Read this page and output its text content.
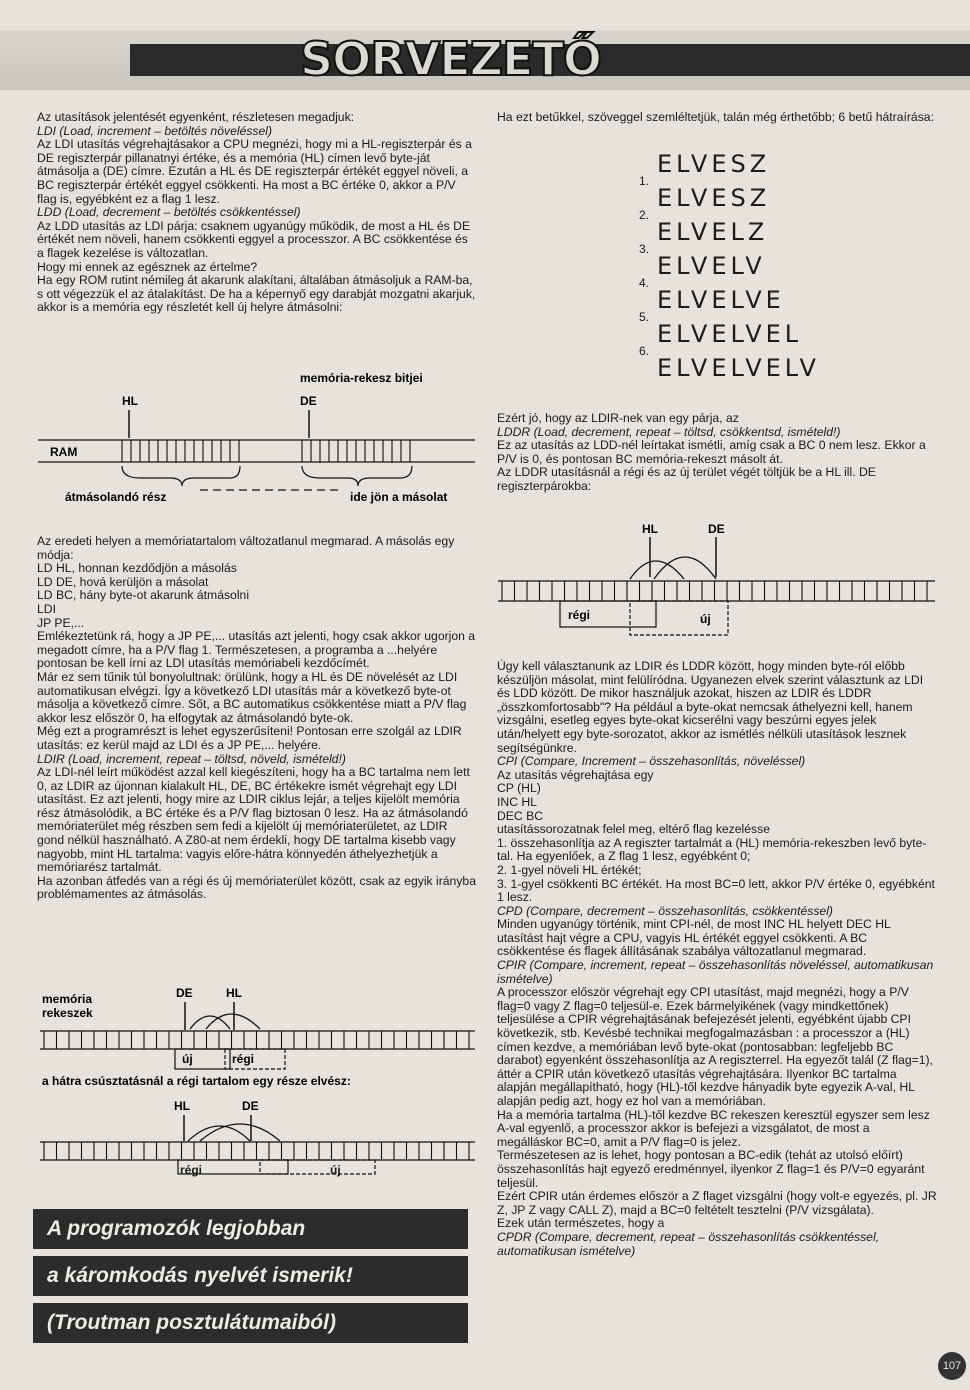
SORVEZETŐ

Az utasítások jelentését egyenként, részletesen megadjuk:

LDI (Load, increment – betöltés növeléssel)

Az LDI utasítás végrehajtásakor a CPU megnézi, hogy mi a HL-regiszterpár és a DE regiszterpár pillanatnyi értéke, és a memória (HL) címen levő byte-ját átmásolja a (DE) címre. Ezután a HL és DE regiszterpár értékét eggyel növeli, a BC regiszterpár értékét eggyel csökkenti. Ha most a BC értéke 0, akkor a P/V flag is, egyébként ez a flag 1 lesz.

LDD (Load, decrement – betöltés csökkentéssel)

Az LDD utasítás az LDI párja: csaknem ugyanúgy működik, de most a HL és DE értékét nem növeli, hanem csökkenti eggyel a processzor. A BC csökkentése és a flagek kezelése is változatlan.

Hogy mi ennek az egésznek az értelme?

Ha egy ROM rutint némileg át akarunk alakítani, általában átmásoljuk a RAM-ba, s ott végezzük el az átalakítást. De ha a képernyő egy darabját mozgatni akarjuk, akkor is a memória egy részletét kell új helyre átmásolni:

memória-rekesz bitjei
HL	DE
RAM
átmásolandó rész	ide jön a másolat

Az eredeti helyen a memóriatartalom változatlanul megmarad. A másolás egy módja:

LD HL, honnan kezdődjön a másolás

LD DE, hová kerüljön a másolat

LD BC, hány byte-ot akarunk átmásolni

LDI

JP PE,...

Emlékeztetünk rá, hogy a JP PE,... utasítás azt jelenti, hogy csak akkor ugorjon a megadott címre, ha a P/V flag 1. Természetesen, a programba a ...helyére pontosan be kell írni az LDI utasítás memóriabeli kezdőcímét.

Már ez sem tűnik túl bonyolultnak: örülünk, hogy a HL és DE növelését az LDI automatikusan elvégzi. Így a következő LDI utasítás már a következő byte-ot másolja a következő címre. Sőt, a BC automatikus csökkentése miatt a P/V flag akkor lesz először 0, ha elfogytak az átmásolandó byte-ok.

Még ezt a programrészt is lehet egyszerűsíteni! Pontosan erre szolgál az LDIR utasítás: ez kerül majd az LDI és a JP PE,... helyére.

LDIR (Load, increment, repeat – töltsd, növeld, ismételd!)

Az LDI-nél leírt működést azzal kell kiegészíteni, hogy ha a BC tartalma nem lett 0, az LDIR az újonnan kialakult HL, DE, BC értékekre ismét végrehajt egy LDI utasítást. Ez azt jelenti, hogy mire az LDIR ciklus lejár, a teljes kijelölt memória rész átmásolódik, a BC értéke és a P/V flag biztosan 0 lesz. Ha az átmásolandó memóriaterület még részben sem fedi a kijelölt új memóriaterületet, az LDIR gond nélkül használható. A Z80-at nem érdekli, hogy DE tartalma kisebb vagy nagyobb, mint HL tartalma: vagyis előre-hátra könnyedén áthelyezhetjük a memóriarész tartalmát.

Ha azonban átfedés van a régi és új memóriaterület között, csak az egyik irányba problémamentes az átmásolás.

memória
rekeszek
DE	HL
új	régi
a hátra csúsztatásnál a régi tartalom egy része elvész:
HL	DE
régi	új
A programozók legjobban
a káromkodás nyelvét ismerik!
(Troutman posztulátumaiból)

Ha ezt betűkkel, szöveggel szemléltetjük, talán még érthetőbb; 6 betű hátraírása:

ELVESZ
1.
ELVESZ
2.
ELVELZ
3.
ELVELV
4.
ELVELVE
5.
ELVELVEL
6.
ELVELVELV

Ezért jó, hogy az LDIR-nek van egy párja, az

LDDR (Load, decrement, repeat – töltsd, csökkentsd, ismételd!)

Ez az utasítás az LDD-nél leírtakat ismétli, amíg csak a BC 0 nem lesz. Ekkor a P/V is 0, és pontosan BC memória-rekeszt másolt át.

Az LDDR utasításnál a régi és az új terület végét töltjük be a HL ill. DE regiszterpárokba:

HL	DE
régi	új

Úgy kell választanunk az LDIR és LDDR között, hogy minden byte-ról előbb készüljön másolat, mint felülíródna. Ugyanezen elvek szerint választunk az LDI és LDD között. De mikor használjuk azokat, hiszen az LDIR és LDDR „összkomfortosabb"? Ha például a byte-okat nemcsak áthelyezni kell, hanem vizsgálni, esetleg egyes byte-okat kicserélni vagy beszúrni egyes jelek után/helyett egy byte-sorozatot, akkor az ismétlés nélküli utasítások lesznek segítségünkre.

CPI (Compare, Increment – összehasonlítás, növeléssel)

Az utasítás végrehajtása egy

CP (HL)

INC HL

DEC BC

utasítássorozatnak felel meg, eltérő flag kezelésse

1. összehasonlítja az A regiszter tartalmát a (HL) memória-rekeszben levő byte-tal. Ha egyenlőek, a Z flag 1 lesz, egyébként 0;

2. 1-gyel növeli HL értékét;

3. 1-gyel csökkenti BC értékét. Ha most BC=0 lett, akkor P/V értéke 0, egyébként 1 lesz.

CPD (Compare, decrement – összehasonlítás, csökkentéssel)

Minden ugyanúgy történik, mint CPI-nél, de most INC HL helyett DEC HL utasítást hajt végre a CPU, vagyis HL értékét eggyel csökkenti. A BC csökkentése és flagek állításának szabálya változatlanul megmarad.

CPIR (Compare, increment, repeat – összehasonlítás növeléssel, automatikusan ismételve)

A processzor először végrehajt egy CPI utasítást, majd megnézi, hogy a P/V flag=0 vagy Z flag=0 teljesül-e. Ezek bármelyikének (vagy mindkettőnek) teljesülése a CPIR végrehajtásának befejezését jelenti, egyébként újabb CPI következik, stb. Kevésbé technikai megfogalmazásban : a processzor a (HL) címen kezdve, a memóriában levő byte-okat (pontosabban: legfeljebb BC darabot) egyenként összehasonlítja az A regiszterrel. Ha egyezőt talál (Z flag=1), áttér a CPIR után következő utasítás végrehajtására. Ilyenkor BC tartalma alapján megállapítható, hogy (HL)-től kezdve hányadik byte egyezik A-val, HL alapján pedig azt, hogy ez hol van a memóriában.

Ha a memória tartalma (HL)-től kezdve BC rekeszen keresztül egyszer sem lesz A-val egyenlő, a processzor akkor is befejezi a vizsgálatot, de most a megálláskor BC=0, amit a P/V flag=0 is jelez.

Természetesen az is lehet, hogy pontosan a BC-edik (tehát az utolsó előírt) összehasonlítás hajt egyező eredménnyel, ilyenkor Z flag=1 és P/V=0 egyaránt teljesül.

Ezért CPIR után érdemes először a Z flaget vizsgálni (hogy volt-e egyezés, pl. JR Z, JP Z vagy CALL Z), majd a BC=0 feltételt tesztelni (P/V vizsgálata).

Ezek után természetes, hogy a

CPDR (Compare, decrement, repeat – összehasonlítás csökkentéssel, automatikusan ismételve)

107
